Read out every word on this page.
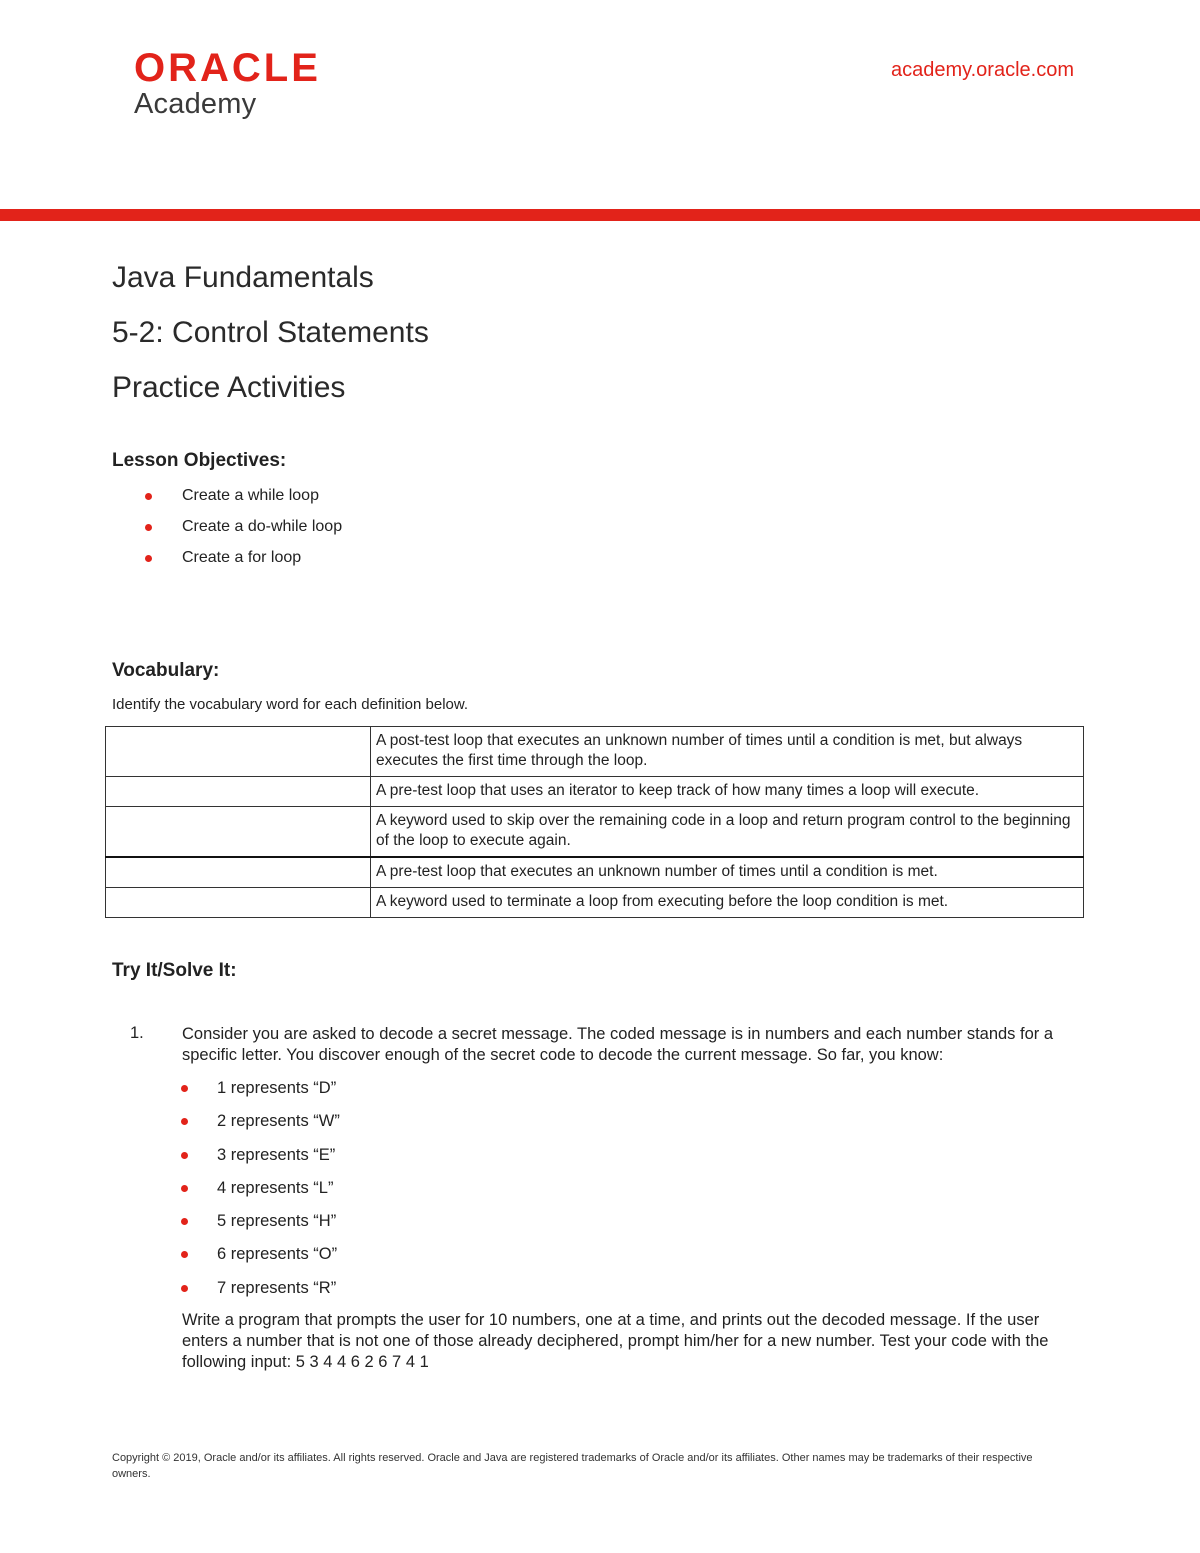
ORACLE
Academy
academy.oracle.com
Java Fundamentals
5-2: Control Statements
Practice Activities
Lesson Objectives:
Create a while loop
Create a do-while loop
Create a for loop
Vocabulary:

Identify the vocabulary word for each definition below.

	A post-test loop that executes an unknown number of times until a condition is met, but always executes the first time through the loop.
	A pre-test loop that uses an iterator to keep track of how many times a loop will execute.
	A keyword used to skip over the remaining code in a loop and return program control to the beginning of the loop to execute again.
	A pre-test loop that executes an unknown number of times until a condition is met.
	A keyword used to terminate a loop from executing before the loop condition is met.
Try It/Solve It:
1. Consider you are asked to decode a secret message. The coded message is in numbers and each number stands for a specific letter. You discover enough of the secret code to decode the current message. So far, you know:
1 represents “D”
2 represents “W”
3 represents “E”
4 represents “L”
5 represents “H”
6 represents “O”
7 represents “R”

Write a program that prompts the user for 10 numbers, one at a time, and prints out the decoded message. If the user enters a number that is not one of those already deciphered, prompt him/her for a new number. Test your code with the following input: 5 3 4 4 6 2 6 7 4 1

Copyright © 2019, Oracle and/or its affiliates. All rights reserved. Oracle and Java are registered trademarks of Oracle and/or its affiliates. Other names may be trademarks of their respective owners.
